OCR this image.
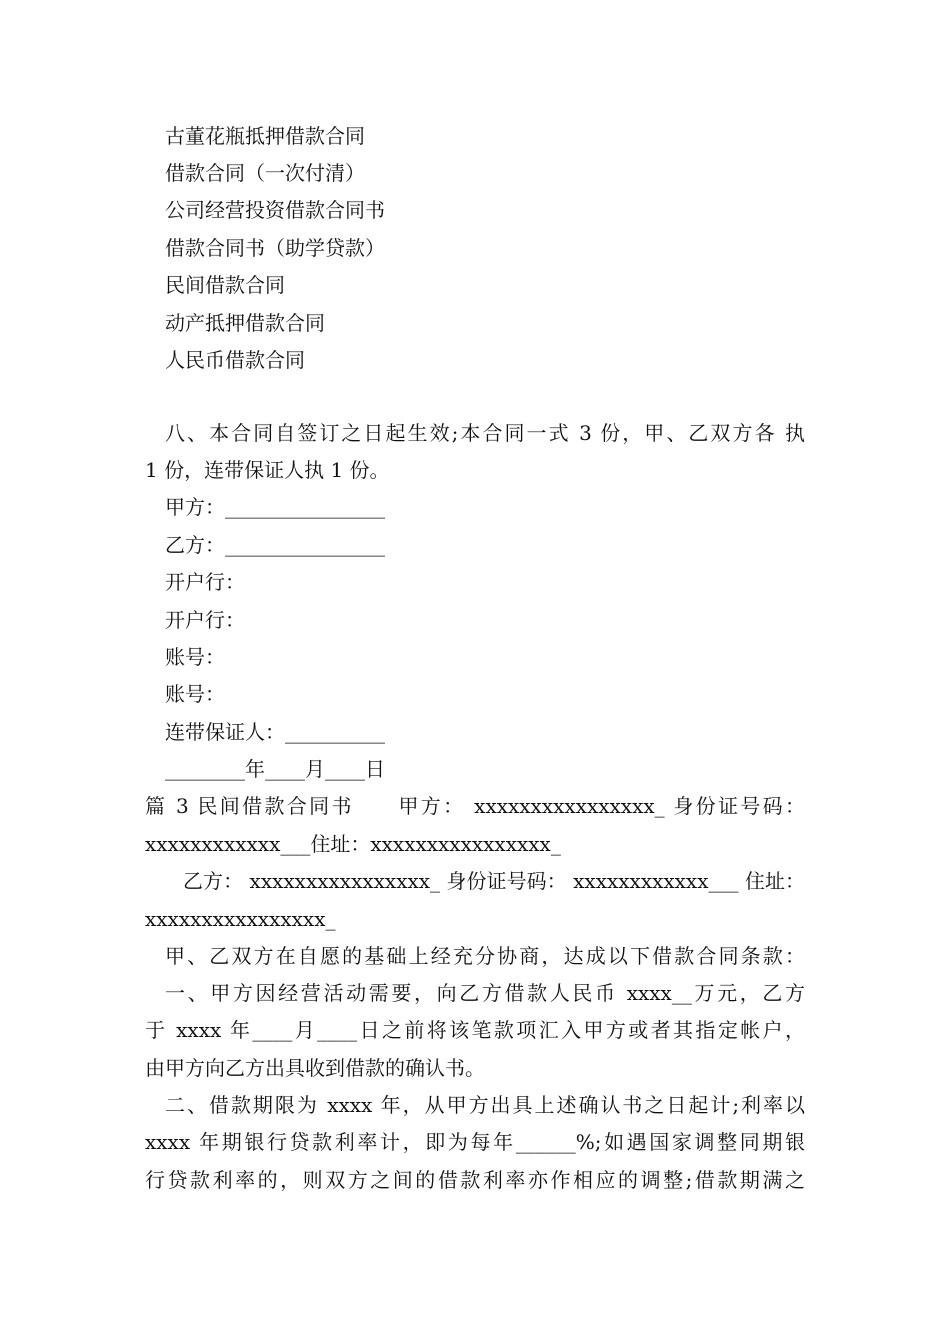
古董花瓶抵押借款合同
借款合同（一次付清）
公司经营投资借款合同书
借款合同书（助学贷款）
民间借款合同
动产抵押借款合同
人民币借款合同
八、本合同自签订之日起生效;本合同一式 3 份，甲、乙双方各 执
1 份，连带保证人执 1 份。
甲方：________________
乙方：________________
开户行：
开户行：
账号：
账号：
连带保证人：__________
________年____月____日
篇 3 民间借款合同书　　甲方： xxxxxxxxxxxxxxxx_ 身份证号码：
xxxxxxxxxxxx___住址：xxxxxxxxxxxxxxxx_
乙方： xxxxxxxxxxxxxxxx_ 身份证号码： xxxxxxxxxxxx___ 住址：
xxxxxxxxxxxxxxxx_
甲、乙双方在自愿的基础上经充分协商，达成以下借款合同条款：
一、甲方因经营活动需要，向乙方借款人民币 xxxx__万元，乙方
于 xxxx 年____月____日之前将该笔款项汇入甲方或者其指定帐户，
由甲方向乙方出具收到借款的确认书。
二、借款期限为 xxxx 年，从甲方出具上述确认书之日起计;利率以
xxxx 年期银行贷款利率计，即为每年______%;如遇国家调整同期银
行贷款利率的，则双方之间的借款利率亦作相应的调整;借款期满之
